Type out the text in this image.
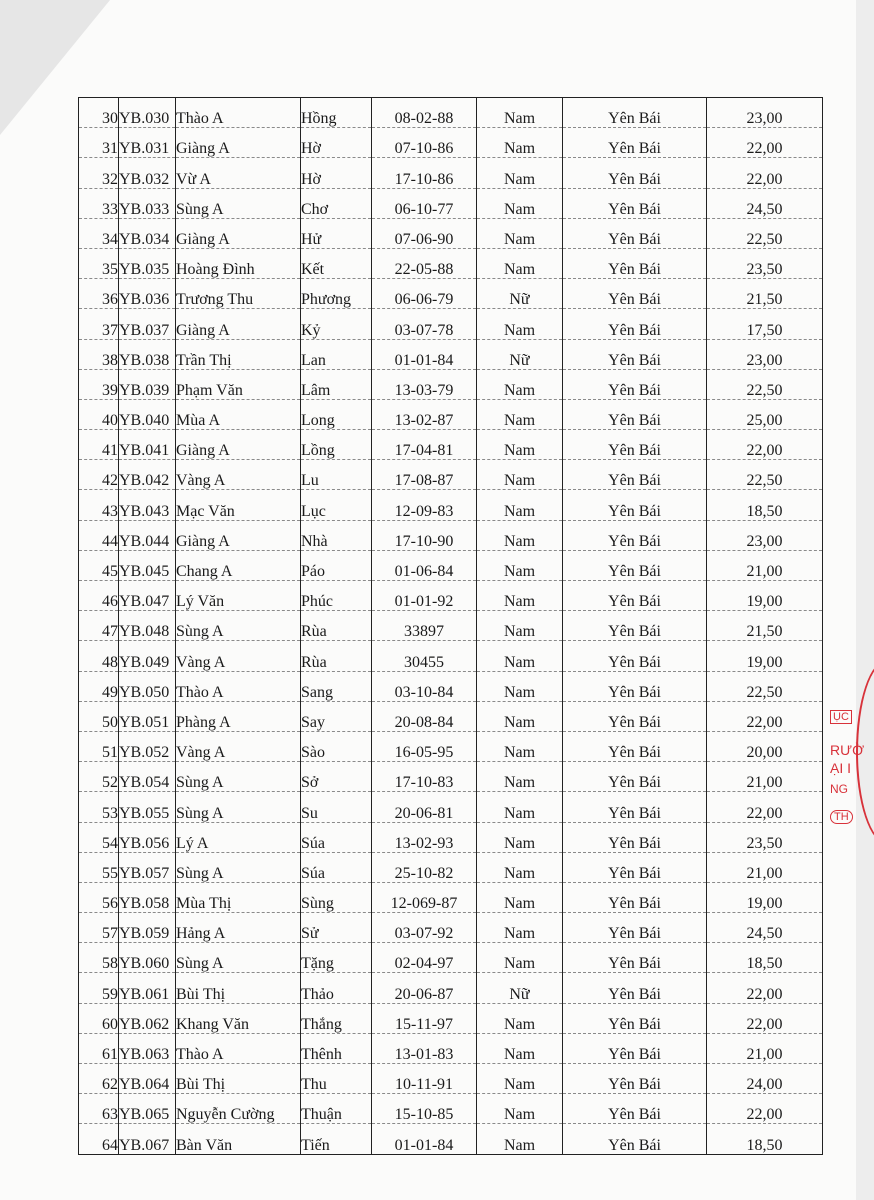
30	YB.030	Thào A	Hồng	08-02-88	Nam	Yên Bái	23,00
31	YB.031	Giàng A	Hờ	07-10-86	Nam	Yên Bái	22,00
32	YB.032	Vừ A	Hờ	17-10-86	Nam	Yên Bái	22,00
33	YB.033	Sùng A	Chơ	06-10-77	Nam	Yên Bái	24,50
34	YB.034	Giàng A	Hử	07-06-90	Nam	Yên Bái	22,50
35	YB.035	Hoàng Đình	Kết	22-05-88	Nam	Yên Bái	23,50
36	YB.036	Trương Thu	Phương	06-06-79	Nữ	Yên Bái	21,50
37	YB.037	Giàng A	Kỷ	03-07-78	Nam	Yên Bái	17,50
38	YB.038	Trần Thị	Lan	01-01-84	Nữ	Yên Bái	23,00
39	YB.039	Phạm Văn	Lâm	13-03-79	Nam	Yên Bái	22,50
40	YB.040	Mùa A	Long	13-02-87	Nam	Yên Bái	25,00
41	YB.041	Giàng A	Lồng	17-04-81	Nam	Yên Bái	22,00
42	YB.042	Vàng A	Lu	17-08-87	Nam	Yên Bái	22,50
43	YB.043	Mạc Văn	Lục	12-09-83	Nam	Yên Bái	18,50
44	YB.044	Giàng A	Nhà	17-10-90	Nam	Yên Bái	23,00
45	YB.045	Chang A	Páo	01-06-84	Nam	Yên Bái	21,00
46	YB.047	Lý Văn	Phúc	01-01-92	Nam	Yên Bái	19,00
47	YB.048	Sùng A	Rùa	33897	Nam	Yên Bái	21,50
48	YB.049	Vàng A	Rùa	30455	Nam	Yên Bái	19,00
49	YB.050	Thào A	Sang	03-10-84	Nam	Yên Bái	22,50
50	YB.051	Phàng A	Say	20-08-84	Nam	Yên Bái	22,00
51	YB.052	Vàng A	Sào	16-05-95	Nam	Yên Bái	20,00
52	YB.054	Sùng A	Sở	17-10-83	Nam	Yên Bái	21,00
53	YB.055	Sùng A	Su	20-06-81	Nam	Yên Bái	22,00
54	YB.056	Lý A	Súa	13-02-93	Nam	Yên Bái	23,50
55	YB.057	Sùng A	Súa	25-10-82	Nam	Yên Bái	21,00
56	YB.058	Mùa Thị	Sùng	12-069-87	Nam	Yên Bái	19,00
57	YB.059	Hảng A	Sử	03-07-92	Nam	Yên Bái	24,50
58	YB.060	Sùng A	Tặng	02-04-97	Nam	Yên Bái	18,50
59	YB.061	Bùi Thị	Thảo	20-06-87	Nữ	Yên Bái	22,00
60	YB.062	Khang Văn	Thắng	15-11-97	Nam	Yên Bái	22,00
61	YB.063	Thào A	Thênh	13-01-83	Nam	Yên Bái	21,00
62	YB.064	Bùi Thị	Thu	10-11-91	Nam	Yên Bái	24,00
63	YB.065	Nguyễn Cường	Thuận	15-10-85	Nam	Yên Bái	22,00
64	YB.067	Bàn Văn	Tiến	01-01-84	Nam	Yên Bái	18,50
ỤC
RƯỜ
ẠI I
NG
TH
